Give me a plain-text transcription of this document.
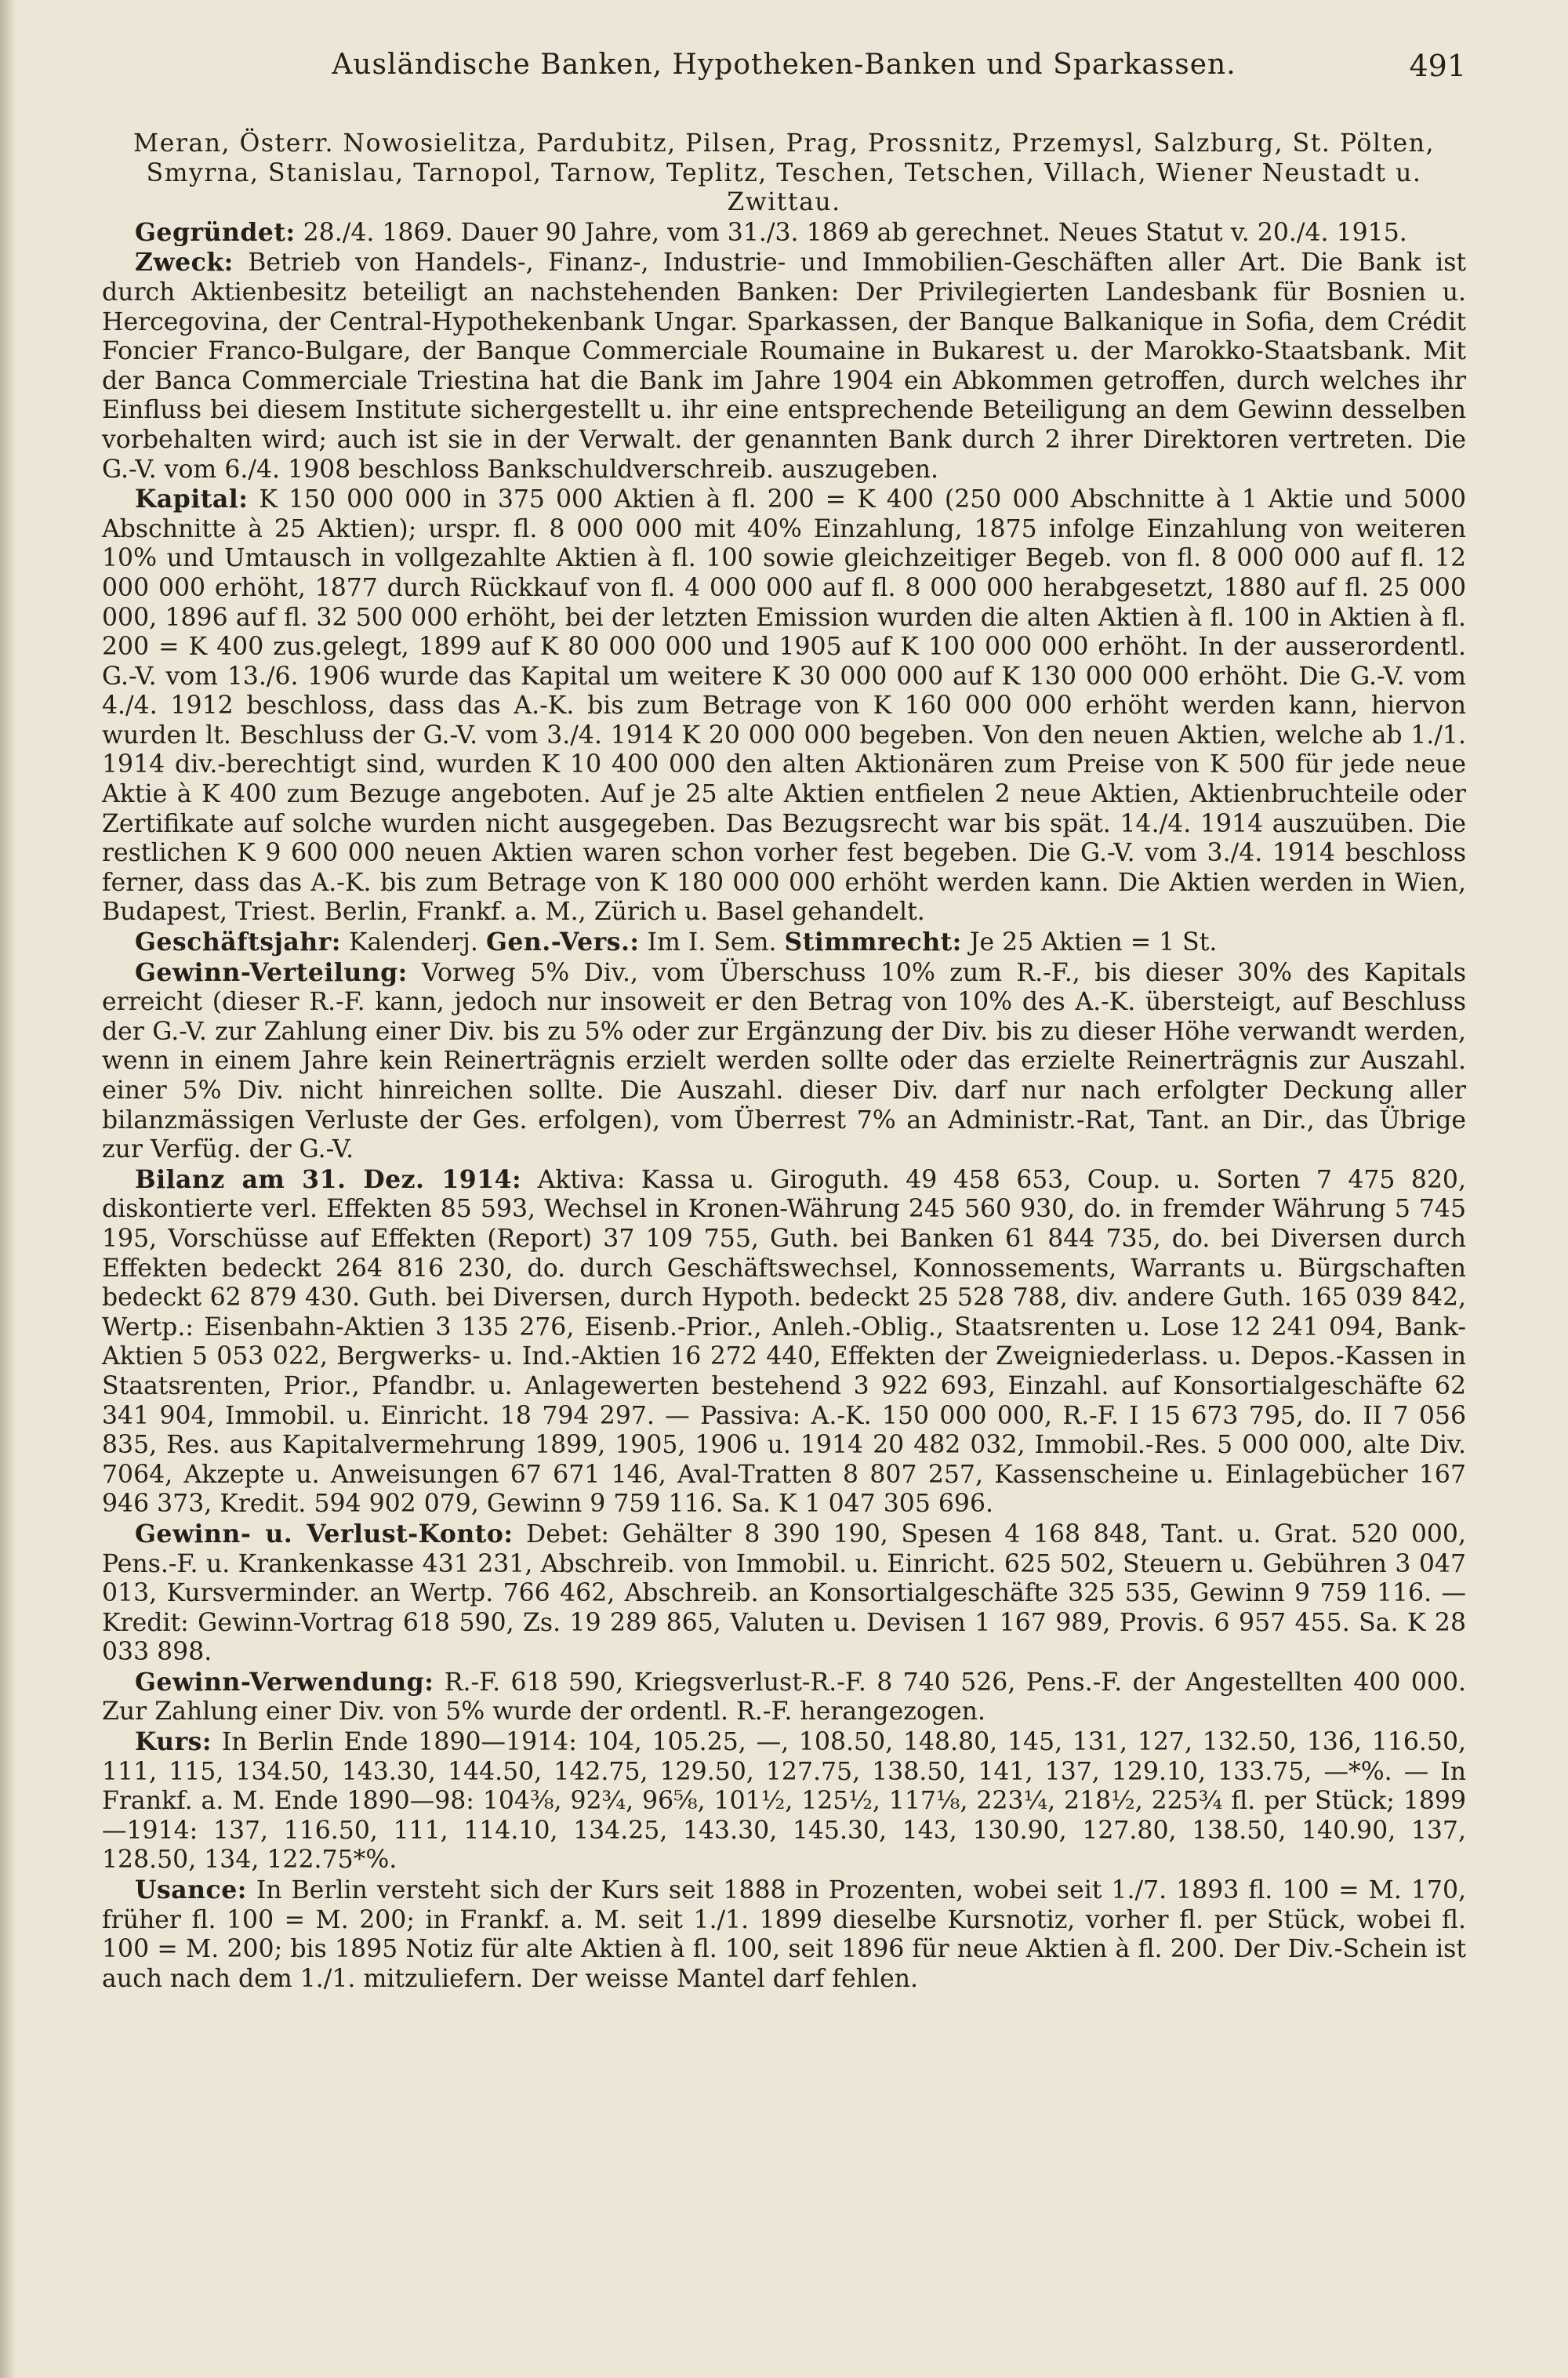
Ausländische Banken, Hypotheken-Banken und Sparkassen.	491

Meran, Österr. Nowosielitza, Pardubitz, Pilsen, Prag, Prossnitz, Przemysl, Salzburg, St. Pölten, Smyrna, Stanislau, Tarnopol, Tarnow, Teplitz, Teschen, Tetschen, Villach, Wiener Neustadt u. Zwittau.

Gegründet: 28./4. 1869. Dauer 90 Jahre, vom 31./3. 1869 ab gerechnet. Neues Statut v. 20./4. 1915.

Zweck: Betrieb von Handels-, Finanz-, Industrie- und Immobilien-Geschäften aller Art. Die Bank ist durch Aktienbesitz beteiligt an nachstehenden Banken: Der Privilegierten Landesbank für Bosnien u. Hercegovina, der Central-Hypothekenbank Ungar. Sparkassen, der Banque Balkanique in Sofia, dem Crédit Foncier Franco-Bulgare, der Banque Commerciale Roumaine in Bukarest u. der Marokko-Staatsbank. Mit der Banca Commerciale Triestina hat die Bank im Jahre 1904 ein Abkommen getroffen, durch welches ihr Einfluss bei diesem Institute sichergestellt u. ihr eine entsprechende Beteiligung an dem Gewinn desselben vorbehalten wird; auch ist sie in der Verwalt. der genannten Bank durch 2 ihrer Direktoren vertreten. Die G.-V. vom 6./4. 1908 beschloss Bankschuldverschreib. auszugeben.

Kapital: K 150 000 000 in 375 000 Aktien à fl. 200 = K 400 (250 000 Abschnitte à 1 Aktie und 5000 Abschnitte à 25 Aktien); urspr. fl. 8 000 000 mit 40% Einzahlung, 1875 infolge Einzahlung von weiteren 10% und Umtausch in vollgezahlte Aktien à fl. 100 sowie gleichzeitiger Begeb. von fl. 8 000 000 auf fl. 12 000 000 erhöht, 1877 durch Rückkauf von fl. 4 000 000 auf fl. 8 000 000 herabgesetzt, 1880 auf fl. 25 000 000, 1896 auf fl. 32 500 000 erhöht, bei der letzten Emission wurden die alten Aktien à fl. 100 in Aktien à fl. 200 = K 400 zus.gelegt, 1899 auf K 80 000 000 und 1905 auf K 100 000 000 erhöht. In der ausserordentl. G.-V. vom 13./6. 1906 wurde das Kapital um weitere K 30 000 000 auf K 130 000 000 erhöht. Die G.-V. vom 4./4. 1912 beschloss, dass das A.-K. bis zum Betrage von K 160 000 000 erhöht werden kann, hiervon wurden lt. Beschluss der G.-V. vom 3./4. 1914 K 20 000 000 begeben. Von den neuen Aktien, welche ab 1./1. 1914 div.-berechtigt sind, wurden K 10 400 000 den alten Aktionären zum Preise von K 500 für jede neue Aktie à K 400 zum Bezuge angeboten. Auf je 25 alte Aktien entfielen 2 neue Aktien, Aktienbruchteile oder Zertifikate auf solche wurden nicht ausgegeben. Das Bezugsrecht war bis spät. 14./4. 1914 auszuüben. Die restlichen K 9 600 000 neuen Aktien waren schon vorher fest begeben. Die G.-V. vom 3./4. 1914 beschloss ferner, dass das A.-K. bis zum Betrage von K 180 000 000 erhöht werden kann. Die Aktien werden in Wien, Budapest, Triest. Berlin, Frankf. a. M., Zürich u. Basel gehandelt.

Geschäftsjahr: Kalenderj. Gen.-Vers.: Im I. Sem. Stimmrecht: Je 25 Aktien = 1 St.

Gewinn-Verteilung: Vorweg 5% Div., vom Überschuss 10% zum R.-F., bis dieser 30% des Kapitals erreicht (dieser R.-F. kann, jedoch nur insoweit er den Betrag von 10% des A.-K. übersteigt, auf Beschluss der G.-V. zur Zahlung einer Div. bis zu 5% oder zur Ergänzung der Div. bis zu dieser Höhe verwandt werden, wenn in einem Jahre kein Reinerträgnis erzielt werden sollte oder das erzielte Reinerträgnis zur Auszahl. einer 5% Div. nicht hinreichen sollte. Die Auszahl. dieser Div. darf nur nach erfolgter Deckung aller bilanzmässigen Verluste der Ges. erfolgen), vom Überrest 7% an Administr.-Rat, Tant. an Dir., das Übrige zur Verfüg. der G.-V.

Bilanz am 31. Dez. 1914: Aktiva: Kassa u. Giroguth. 49 458 653, Coup. u. Sorten 7 475 820, diskontierte verl. Effekten 85 593, Wechsel in Kronen-Währung 245 560 930, do. in fremder Währung 5 745 195, Vorschüsse auf Effekten (Report) 37 109 755, Guth. bei Banken 61 844 735, do. bei Diversen durch Effekten bedeckt 264 816 230, do. durch Geschäftswechsel, Konnossements, Warrants u. Bürgschaften bedeckt 62 879 430. Guth. bei Diversen, durch Hypoth. bedeckt 25 528 788, div. andere Guth. 165 039 842, Wertp.: Eisenbahn-Aktien 3 135 276, Eisenb.-Prior., Anleh.-Oblig., Staatsrenten u. Lose 12 241 094, Bank-Aktien 5 053 022, Bergwerks- u. Ind.-Aktien 16 272 440, Effekten der Zweigniederlass. u. Depos.-Kassen in Staatsrenten, Prior., Pfandbr. u. Anlagewerten bestehend 3 922 693, Einzahl. auf Konsortialgeschäfte 62 341 904, Immobil. u. Einricht. 18 794 297. — Passiva: A.-K. 150 000 000, R.-F. I 15 673 795, do. II 7 056 835, Res. aus Kapitalvermehrung 1899, 1905, 1906 u. 1914 20 482 032, Immobil.-Res. 5 000 000, alte Div. 7064, Akzepte u. Anweisungen 67 671 146, Aval-Tratten 8 807 257, Kassenscheine u. Einlagebücher 167 946 373, Kredit. 594 902 079, Gewinn 9 759 116. Sa. K 1 047 305 696.

Gewinn- u. Verlust-Konto: Debet: Gehälter 8 390 190, Spesen 4 168 848, Tant. u. Grat. 520 000, Pens.-F. u. Krankenkasse 431 231, Abschreib. von Immobil. u. Einricht. 625 502, Steuern u. Gebühren 3 047 013, Kursverminder. an Wertp. 766 462, Abschreib. an Konsortialgeschäfte 325 535, Gewinn 9 759 116. — Kredit: Gewinn-Vortrag 618 590, Zs. 19 289 865, Valuten u. Devisen 1 167 989, Provis. 6 957 455. Sa. K 28 033 898.

Gewinn-Verwendung: R.-F. 618 590, Kriegsverlust-R.-F. 8 740 526, Pens.-F. der Angestellten 400 000. Zur Zahlung einer Div. von 5% wurde der ordentl. R.-F. herangezogen.

Kurs: In Berlin Ende 1890—1914: 104, 105.25, —, 108.50, 148.80, 145, 131, 127, 132.50, 136, 116.50, 111, 115, 134.50, 143.30, 144.50, 142.75, 129.50, 127.75, 138.50, 141, 137, 129.10, 133.75, —*%. — In Frankf. a. M. Ende 1890—98: 104⅜, 92¾, 96⅝, 101½, 125½, 117⅛, 223¼, 218½, 225¾ fl. per Stück; 1899—1914: 137, 116.50, 111, 114.10, 134.25, 143.30, 145.30, 143, 130.90, 127.80, 138.50, 140.90, 137, 128.50, 134, 122.75*%.

Usance: In Berlin versteht sich der Kurs seit 1888 in Prozenten, wobei seit 1./7. 1893 fl. 100 = M. 170, früher fl. 100 = M. 200; in Frankf. a. M. seit 1./1. 1899 dieselbe Kursnotiz, vorher fl. per Stück, wobei fl. 100 = M. 200; bis 1895 Notiz für alte Aktien à fl. 100, seit 1896 für neue Aktien à fl. 200. Der Div.-Schein ist auch nach dem 1./1. mitzuliefern. Der weisse Mantel darf fehlen.
